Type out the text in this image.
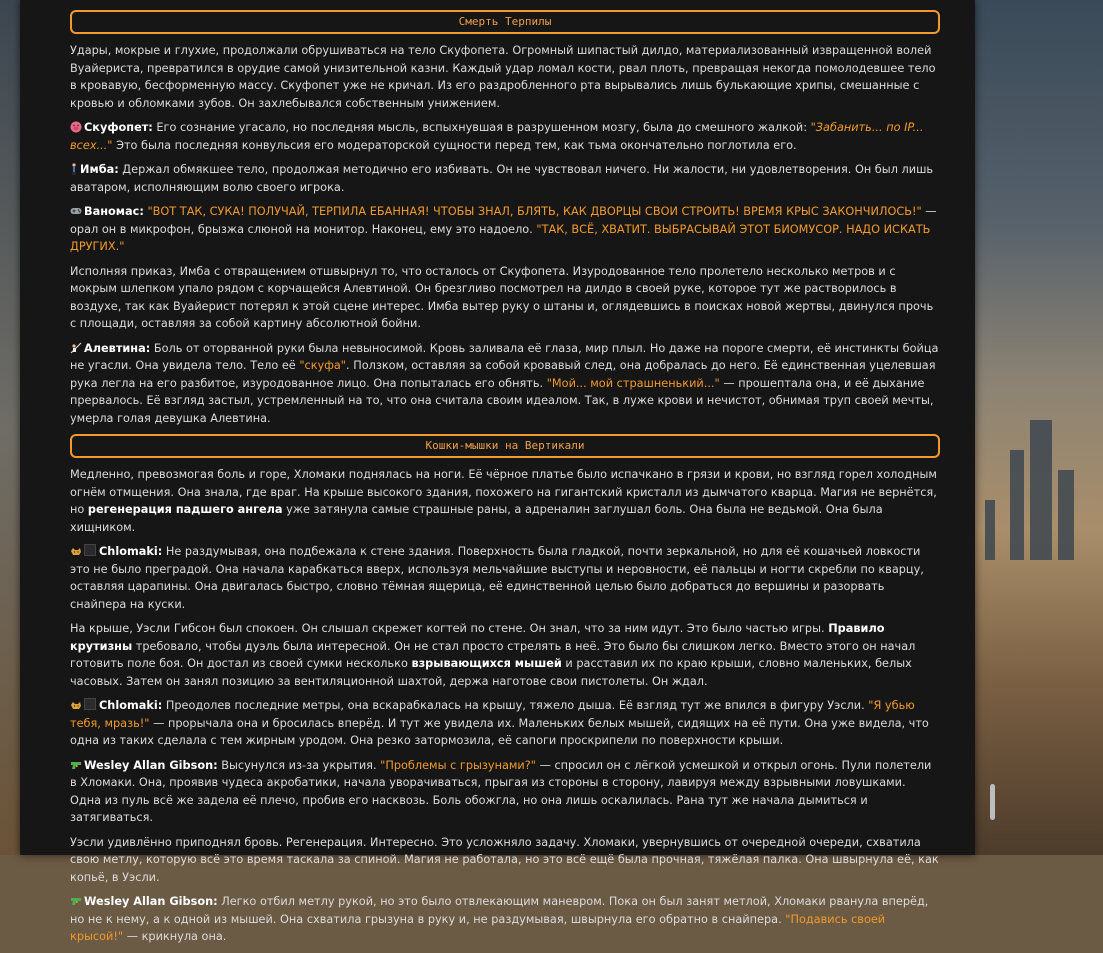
Смерть Терпилы

Удары, мокрые и глухие, продолжали обрушиваться на тело Скуфопета. Огромный шипастый дилдо, материализованный извращенной волей Вуайериста, превратился в орудие самой унизительной казни. Каждый удар ломал кости, рвал плоть, превращая некогда помолодевшее тело в кровавую, бесформенную массу. Скуфопет уже не кричал. Из его раздробленного рта вырывались лишь булькающие хрипы, смешанные с кровью и обломками зубов. Он захлебывался собственным унижением.

Скуфопет: Его сознание угасало, но последняя мысль, вспыхнувшая в разрушенном мозгу, была до смешного жалкой: "Забанить... по IP... всех..." Это была последняя конвульсия его модераторской сущности перед тем, как тьма окончательно поглотила его.

Имба: Держал обмякшее тело, продолжая методично его избивать. Он не чувствовал ничего. Ни жалости, ни удовлетворения. Он был лишь аватаром, исполняющим волю своего игрока.

Ваномас: "ВОТ ТАК, СУКА! ПОЛУЧАЙ, ТЕРПИЛА ЕБАННАЯ! ЧТОБЫ ЗНАЛ, БЛЯТЬ, КАК ДВОРЦЫ СВОИ СТРОИТЬ! ВРЕМЯ КРЫС ЗАКОНЧИЛОСЬ!" — орал он в микрофон, брызжа слюной на монитор. Наконец, ему это надоело. "ТАК, ВСЁ, ХВАТИТ. ВЫБРАСЫВАЙ ЭТОТ БИОМУСОР. НАДО ИСКАТЬ ДРУГИХ."

Исполняя приказ, Имба с отвращением отшвырнул то, что осталось от Скуфопета. Изуродованное тело пролетело несколько метров и с мокрым шлепком упало рядом с корчащейся Алевтиной. Он брезгливо посмотрел на дилдо в своей руке, которое тут же растворилось в воздухе, так как Вуайерист потерял к этой сцене интерес. Имба вытер руку о штаны и, оглядевшись в поисках новой жертвы, двинулся прочь с площади, оставляя за собой картину абсолютной бойни.

Алевтина: Боль от оторванной руки была невыносимой. Кровь заливала её глаза, мир плыл. Но даже на пороге смерти, её инстинкты бойца не угасли. Она увидела тело. Тело её "скуфа". Ползком, оставляя за собой кровавый след, она добралась до него. Её единственная уцелевшая рука легла на его разбитое, изуродованное лицо. Она попыталась его обнять. "Мой... мой страшненький..." — прошептала она, и её дыхание прервалось. Её взгляд застыл, устремленный на то, что она считала своим идеалом. Так, в луже крови и нечистот, обнимая труп своей мечты, умерла голая девушка Алевтина.

Кошки-мышки на Вертикали

Медленно, превозмогая боль и горе, Хломаки поднялась на ноги. Её чёрное платье было испачкано в грязи и крови, но взгляд горел холодным огнём отмщения. Она знала, где враг. На крыше высокого здания, похожего на гигантский кристалл из дымчатого кварца. Магия не вернётся, но регенерация падшего ангела уже затянула самые страшные раны, а адреналин заглушал боль. Она была не ведьмой. Она была хищником.

Chlomaki: Не раздумывая, она подбежала к стене здания. Поверхность была гладкой, почти зеркальной, но для её кошачьей ловкости это не было преградой. Она начала карабкаться вверх, используя мельчайшие выступы и неровности, её пальцы и ногти скребли по кварцу, оставляя царапины. Она двигалась быстро, словно тёмная ящерица, её единственной целью было добраться до вершины и разорвать снайпера на куски.

На крыше, Уэсли Гибсон был спокоен. Он слышал скрежет когтей по стене. Он знал, что за ним идут. Это было частью игры. Правило крутизны требовало, чтобы дуэль была интересной. Он не стал просто стрелять в неё. Это было бы слишком легко. Вместо этого он начал готовить поле боя. Он достал из своей сумки несколько взрывающихся мышей и расставил их по краю крыши, словно маленьких, белых часовых. Затем он занял позицию за вентиляционной шахтой, держа наготове свои пистолеты. Он ждал.

Chlomaki: Преодолев последние метры, она вскарабкалась на крышу, тяжело дыша. Её взгляд тут же впился в фигуру Уэсли. "Я убью тебя, мразь!" — прорычала она и бросилась вперёд. И тут же увидела их. Маленьких белых мышей, сидящих на её пути. Она уже видела, что одна из таких сделала с тем жирным уродом. Она резко затормозила, её сапоги проскрипели по поверхности крыши.

Wesley Allan Gibson: Высунулся из-за укрытия. "Проблемы с грызунами?" — спросил он с лёгкой усмешкой и открыл огонь. Пули полетели в Хломаки. Она, проявив чудеса акробатики, начала уворачиваться, прыгая из стороны в сторону, лавируя между взрывными ловушками. Одна из пуль всё же задела её плечо, пробив его насквозь. Боль обожгла, но она лишь оскалилась. Рана тут же начала дымиться и затягиваться.

Уэсли удивлённо приподнял бровь. Регенерация. Интересно. Это усложняло задачу. Хломаки, увернувшись от очередной очереди, схватила свою метлу, которую всё это время таскала за спиной. Магия не работала, но это всё ещё была прочная, тяжёлая палка. Она швырнула её, как копьё, в Уэсли.

Wesley Allan Gibson: Легко отбил метлу рукой, но это было отвлекающим маневром. Пока он был занят метлой, Хломаки рванула вперёд, но не к нему, а к одной из мышей. Она схватила грызуна в руку и, не раздумывая, швырнула его обратно в снайпера. "Подавись своей крысой!" — крикнула она.
